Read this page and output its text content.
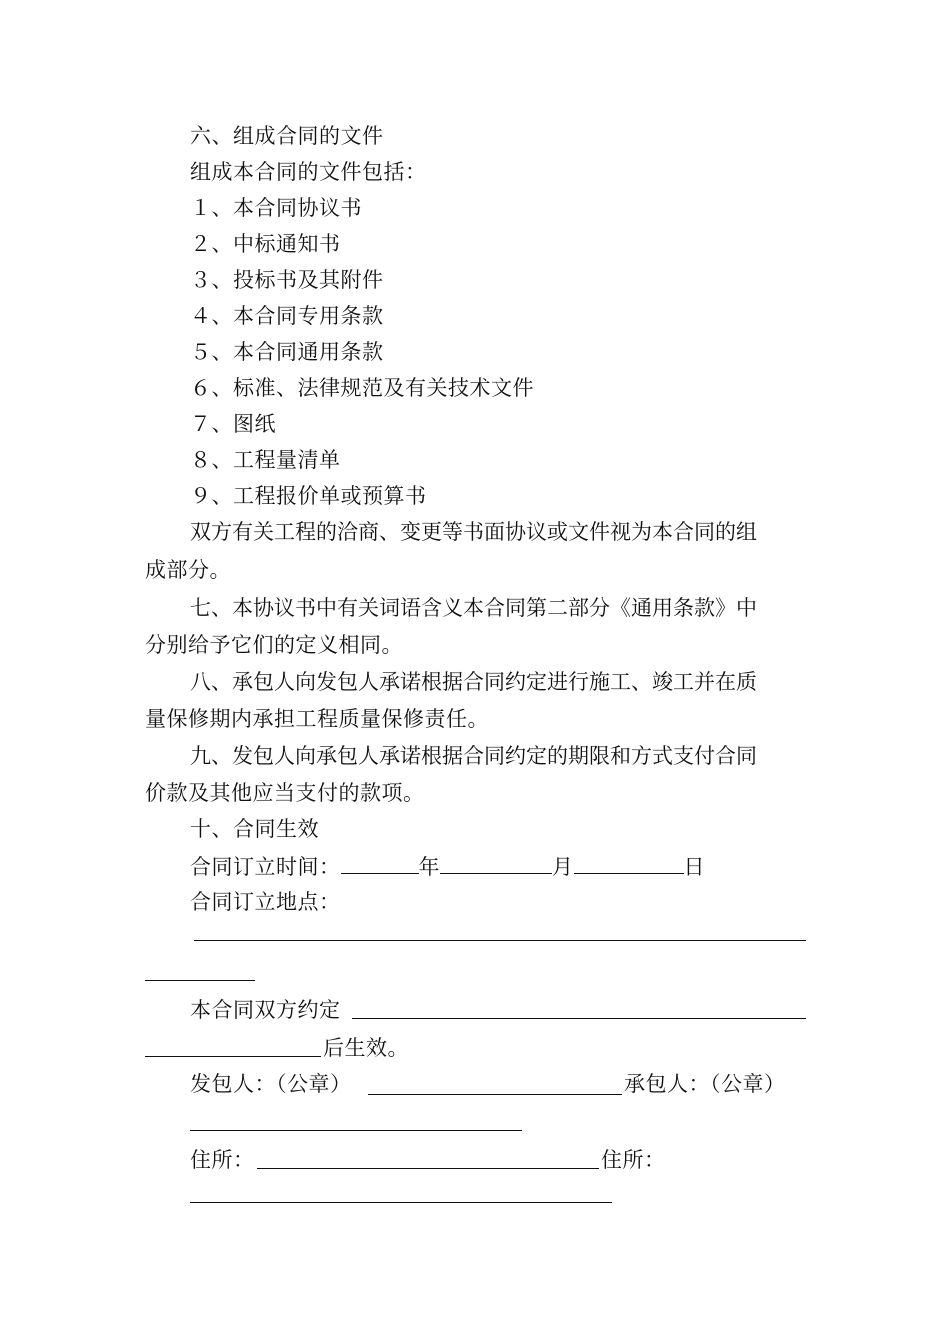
六、组成合同的文件
组成本合同的文件包括：
１、本合同协议书
２、中标通知书
３、投标书及其附件
４、本合同专用条款
５、本合同通用条款
６、标准、法律规范及有关技术文件
７、图纸
８、工程量清单
９、工程报价单或预算书
双方有关工程的洽商、变更等书面协议或文件视为本合同的组
成部分。
七、本协议书中有关词语含义本合同第二部分《通用条款》中
分别给予它们的定义相同。
八、承包人向发包人承诺根据合同约定进行施工、竣工并在质
量保修期内承担工程质量保修责任。
九、发包人向承包人承诺根据合同约定的期限和方式支付合同
价款及其他应当支付的款项。
十、合同生效
合同订立时间：	年	月	日
合同订立地点：
本合同双方约定
后生效。
发包人：（公章）	承包人：（公章）
住所：	住所：
